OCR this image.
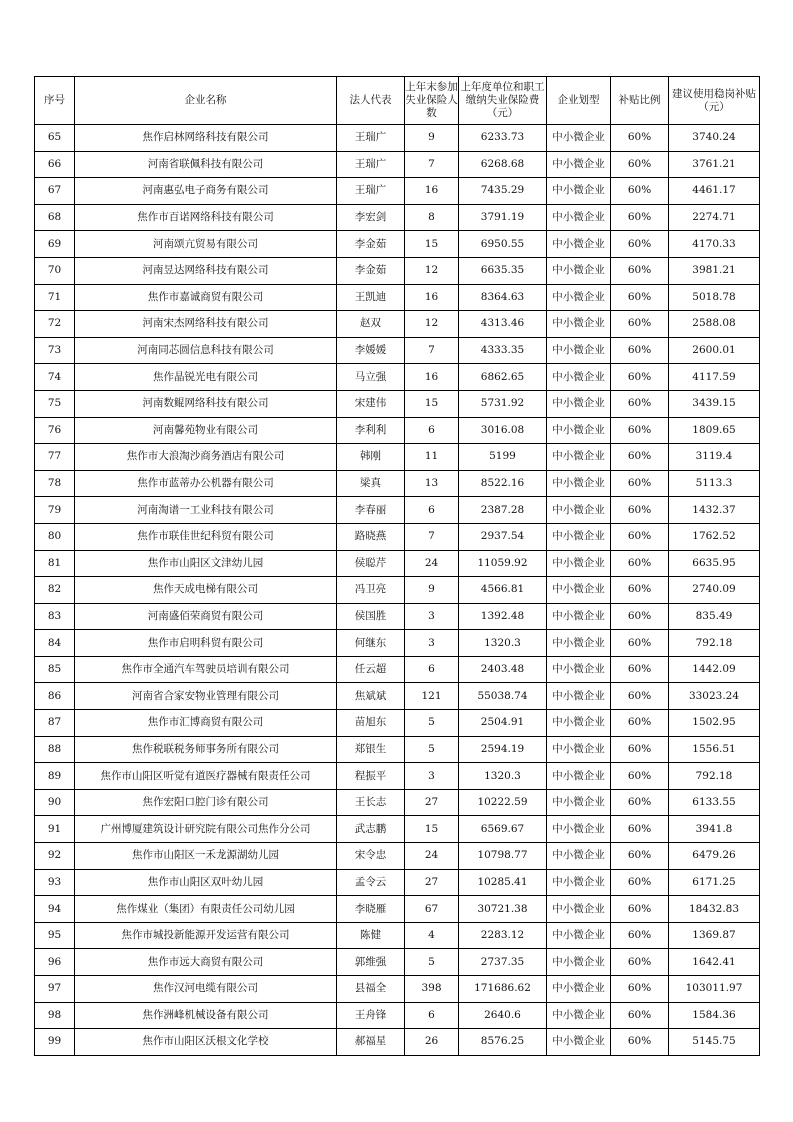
序号	企业名称	法人代表	上年末参加失业保险人数	上年度单位和职工缴纳失业保险费（元）	企业划型	补贴比例	建议使用稳岗补贴（元）
65	焦作启林网络科技有限公司	王瑞广	9	6233.73	中小微企业	60%	3740.24
66	河南省联佩科技有限公司	王瑞广	7	6268.68	中小微企业	60%	3761.21
67	河南惠弘电子商务有限公司	王瑞广	16	7435.29	中小微企业	60%	4461.17
68	焦作市百诺网络科技有限公司	李宏剑	8	3791.19	中小微企业	60%	2274.71
69	河南颂亢贸易有限公司	李金茹	15	6950.55	中小微企业	60%	4170.33
70	河南昱达网络科技有限公司	李金茹	12	6635.35	中小微企业	60%	3981.21
71	焦作市嘉诚商贸有限公司	王凯迪	16	8364.63	中小微企业	60%	5018.78
72	河南宋杰网络科技有限公司	赵双	12	4313.46	中小微企业	60%	2588.08
73	河南同芯圆信息科技有限公司	李媛媛	7	4333.35	中小微企业	60%	2600.01
74	焦作晶锐光电有限公司	马立强	16	6862.65	中小微企业	60%	4117.59
75	河南数鲲网络科技有限公司	宋建伟	15	5731.92	中小微企业	60%	3439.15
76	河南馨苑物业有限公司	李利利	6	3016.08	中小微企业	60%	1809.65
77	焦作市大浪淘沙商务酒店有限公司	韩刚	11	5199	中小微企业	60%	3119.4
78	焦作市蓝蒂办公机器有限公司	梁真	13	8522.16	中小微企业	60%	5113.3
79	河南淘谱一工业科技有限公司	李春丽	6	2387.28	中小微企业	60%	1432.37
80	焦作市联佳世纪科贸有限公司	路晓燕	7	2937.54	中小微企业	60%	1762.52
81	焦作市山阳区文津幼儿园	侯聪芹	24	11059.92	中小微企业	60%	6635.95
82	焦作天成电梯有限公司	冯卫亮	9	4566.81	中小微企业	60%	2740.09
83	河南盛佰荣商贸有限公司	侯国胜	3	1392.48	中小微企业	60%	835.49
84	焦作市启明科贸有限公司	何继东	3	1320.3	中小微企业	60%	792.18
85	焦作市全通汽车驾驶员培训有限公司	任云超	6	2403.48	中小微企业	60%	1442.09
86	河南省合家安物业管理有限公司	焦斌斌	121	55038.74	中小微企业	60%	33023.24
87	焦作市汇博商贸有限公司	苗旭东	5	2504.91	中小微企业	60%	1502.95
88	焦作税联税务师事务所有限公司	郑银生	5	2594.19	中小微企业	60%	1556.51
89	焦作市山阳区听觉有道医疗器械有限责任公司	程振平	3	1320.3	中小微企业	60%	792.18
90	焦作宏阳口腔门诊有限公司	王长志	27	10222.59	中小微企业	60%	6133.55
91	广州博厦建筑设计研究院有限公司焦作分公司	武志鹏	15	6569.67	中小微企业	60%	3941.8
92	焦作市山阳区一禾龙源湖幼儿园	宋令忠	24	10798.77	中小微企业	60%	6479.26
93	焦作市山阳区双叶幼儿园	孟令云	27	10285.41	中小微企业	60%	6171.25
94	焦作煤业（集团）有限责任公司幼儿园	李晓雁	67	30721.38	中小微企业	60%	18432.83
95	焦作市城投新能源开发运营有限公司	陈健	4	2283.12	中小微企业	60%	1369.87
96	焦作市远大商贸有限公司	郭维强	5	2737.35	中小微企业	60%	1642.41
97	焦作汉河电缆有限公司	县福全	398	171686.62	中小微企业	60%	103011.97
98	焦作洲峰机械设备有限公司	王舟锋	6	2640.6	中小微企业	60%	1584.36
99	焦作市山阳区沃根文化学校	郝福星	26	8576.25	中小微企业	60%	5145.75
